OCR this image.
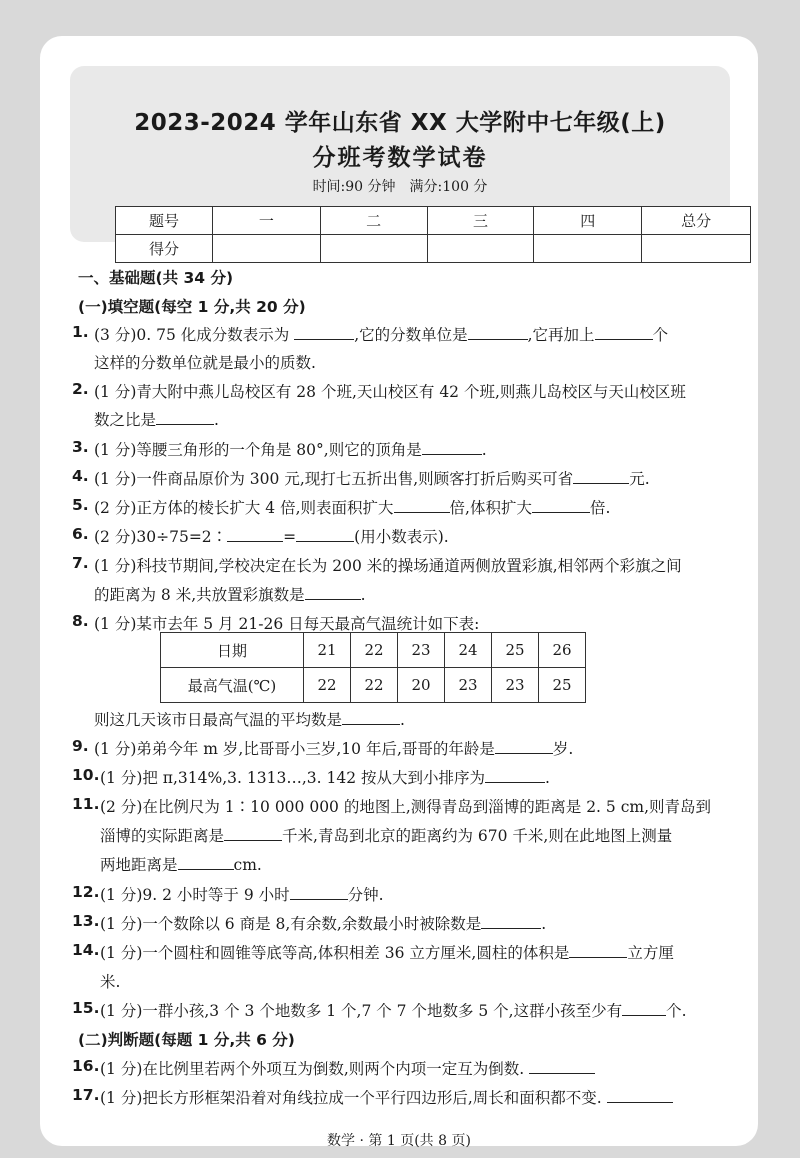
2023-2024 学年山东省 XX 大学附中七年级(上)
分班考数学试卷
时间:90 分钟　满分:100 分
题号	一	二	三	四	总分
得分					
一、基础题(共 34 分)
(一)填空题(每空 1 分,共 20 分)
1. (3 分)0. 75 化成分数表示为	,它的分数单位是	,它再加上	个
这样的分数单位就是最小的质数.
2. (1 分)青大附中燕儿岛校区有 28 个班,天山校区有 42 个班,则燕儿岛校区与天山校区班
数之比是	.
3. (1 分)等腰三角形的一个角是 80°,则它的顶角是	.
4. (1 分)一件商品原价为 300 元,现打七五折出售,则顾客打折后购买可省	元.
5. (2 分)正方体的棱长扩大 4 倍,则表面积扩大	倍,体积扩大	倍.
6. (2 分)30÷75=2∶	=	(用小数表示).
7. (1 分)科技节期间,学校决定在长为 200 米的操场通道两侧放置彩旗,相邻两个彩旗之间
的距离为 8 米,共放置彩旗数是	.
8. (1 分)某市去年 5 月 21-26 日每天最高气温统计如下表:
日期	21	22	23	24	25	26
最高气温(℃)	22	22	20	23	23	25
则这几天该市日最高气温的平均数是	.
9. (1 分)弟弟今年 m 岁,比哥哥小三岁,10 年后,哥哥的年龄是	岁.
10. (1 分)把 π,314%,3. 1313…,3. 142 按从大到小排序为	.
11. (2 分)在比例尺为 1∶10 000 000 的地图上,测得青岛到淄博的距离是 2. 5 cm,则青岛到
淄博的实际距离是	千米,青岛到北京的距离约为 670 千米,则在此地图上测量
两地距离是	cm.
12. (1 分)9. 2 小时等于 9 小时	分钟.
13. (1 分)一个数除以 6 商是 8,有余数,余数最小时被除数是	.
14. (1 分)一个圆柱和圆锥等底等高,体积相差 36 立方厘米,圆柱的体积是	立方厘
米.
15. (1 分)一群小孩,3 个 3 个地数多 1 个,7 个 7 个地数多 5 个,这群小孩至少有	个.
(二)判断题(每题 1 分,共 6 分)
16. (1 分)在比例里若两个外项互为倒数,则两个内项一定互为倒数.
17. (1 分)把长方形框架沿着对角线拉成一个平行四边形后,周长和面积都不变.
数学 · 第 1 页(共 8 页)
